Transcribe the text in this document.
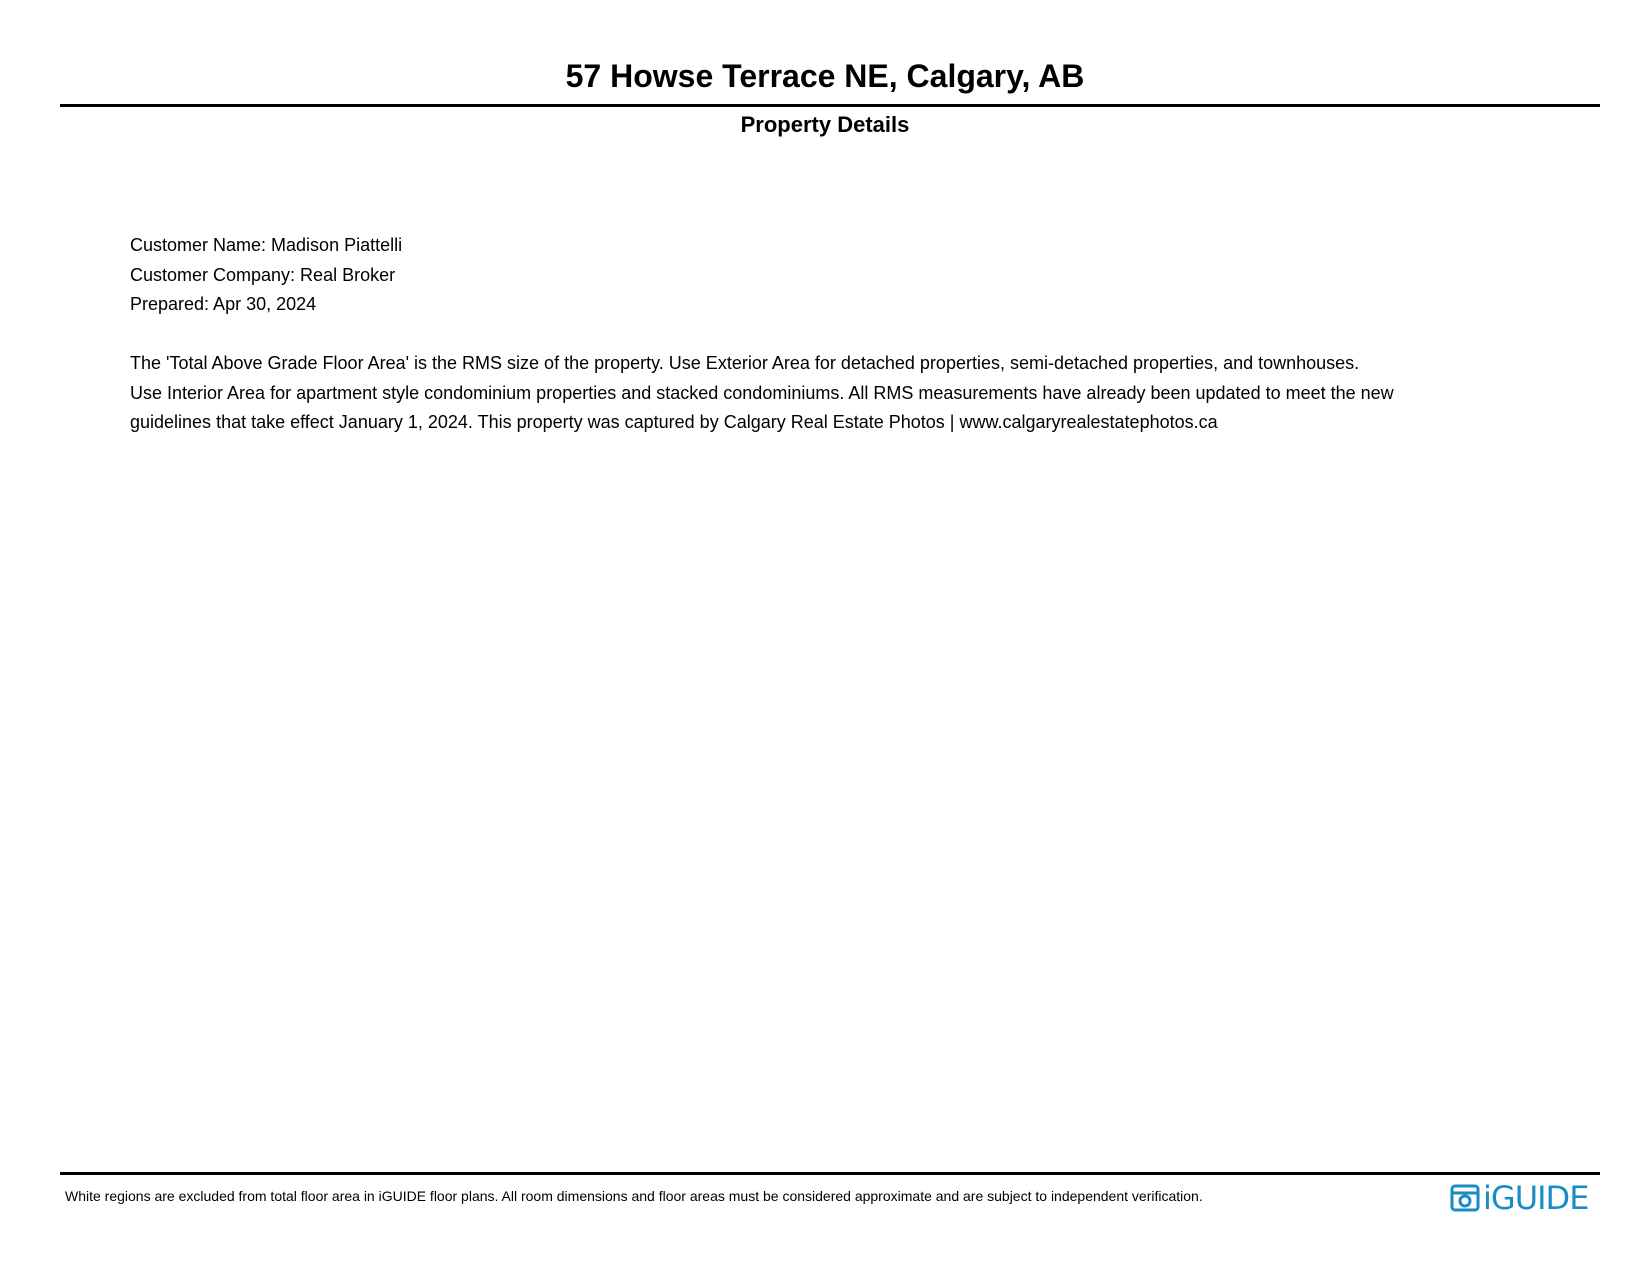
57 Howse Terrace NE, Calgary, AB
Property Details
Customer Name: Madison Piattelli
Customer Company: Real Broker
Prepared: Apr 30, 2024
The 'Total Above Grade Floor Area' is the RMS size of the property. Use Exterior Area for detached properties, semi-detached properties, and townhouses.
Use Interior Area for apartment style condominium properties and stacked condominiums. All RMS measurements have already been updated to meet the new
guidelines that take effect January 1, 2024. This property was captured by Calgary Real Estate Photos | www.calgaryrealestatephotos.ca
White regions are excluded from total floor area in iGUIDE floor plans. All room dimensions and floor areas must be considered approximate and are subject to independent verification.	iGUIDE
